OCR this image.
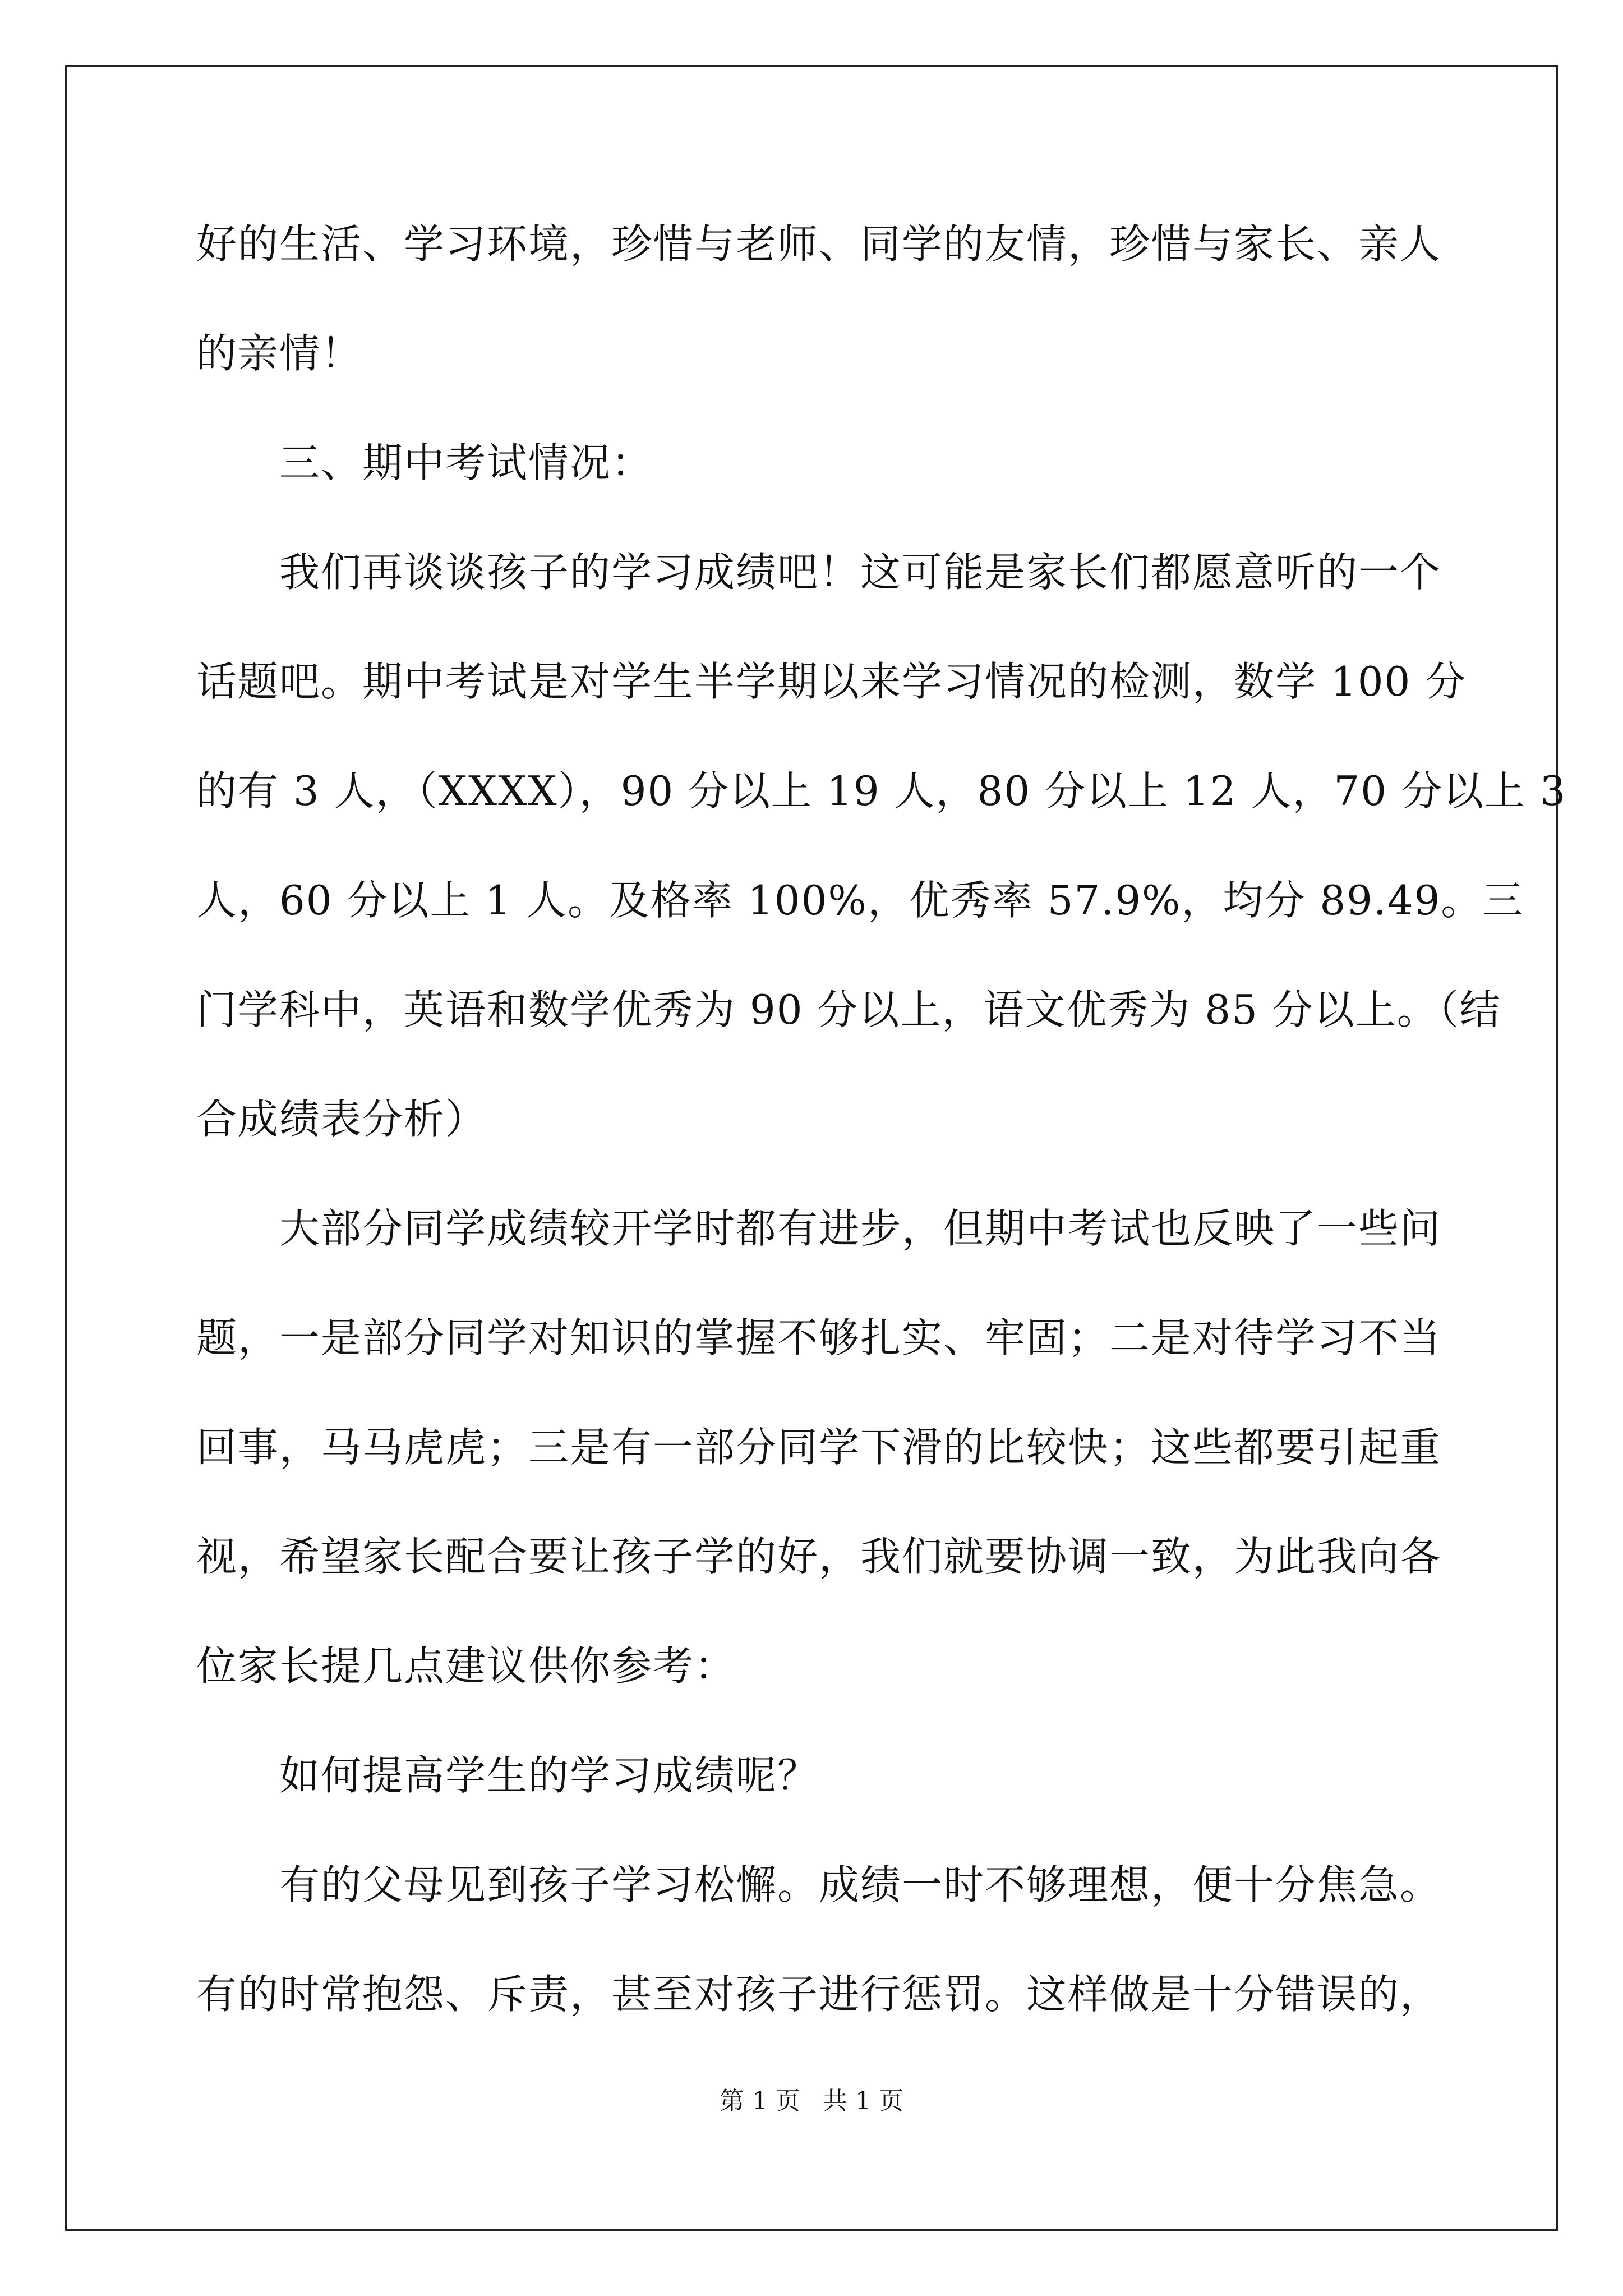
好的生活、学习环境，珍惜与老师、同学的友情，珍惜与家长、亲人
的亲情！
三、期中考试情况：
我们再谈谈孩子的学习成绩吧！这可能是家长们都愿意听的一个
话题吧。期中考试是对学生半学期以来学习情况的检测，数学 100 分
的有 3 人，（XXXX），90 分以上 19 人，80 分以上 12 人，70 分以上 3
人，60 分以上 1 人。及格率 100%，优秀率 57.9%，均分 89.49。三
门学科中，英语和数学优秀为 90 分以上，语文优秀为 85 分以上。（结
合成绩表分析）
大部分同学成绩较开学时都有进步，但期中考试也反映了一些问
题，一是部分同学对知识的掌握不够扎实、牢固；二是对待学习不当
回事，马马虎虎；三是有一部分同学下滑的比较快；这些都要引起重
视，希望家长配合要让孩子学的好，我们就要协调一致，为此我向各
位家长提几点建议供你参考：
如何提高学生的学习成绩呢？
有的父母见到孩子学习松懈。成绩一时不够理想，便十分焦急。
有的时常抱怨、斥责，甚至对孩子进行惩罚。这样做是十分错误的，
第 1 页 共 1 页
